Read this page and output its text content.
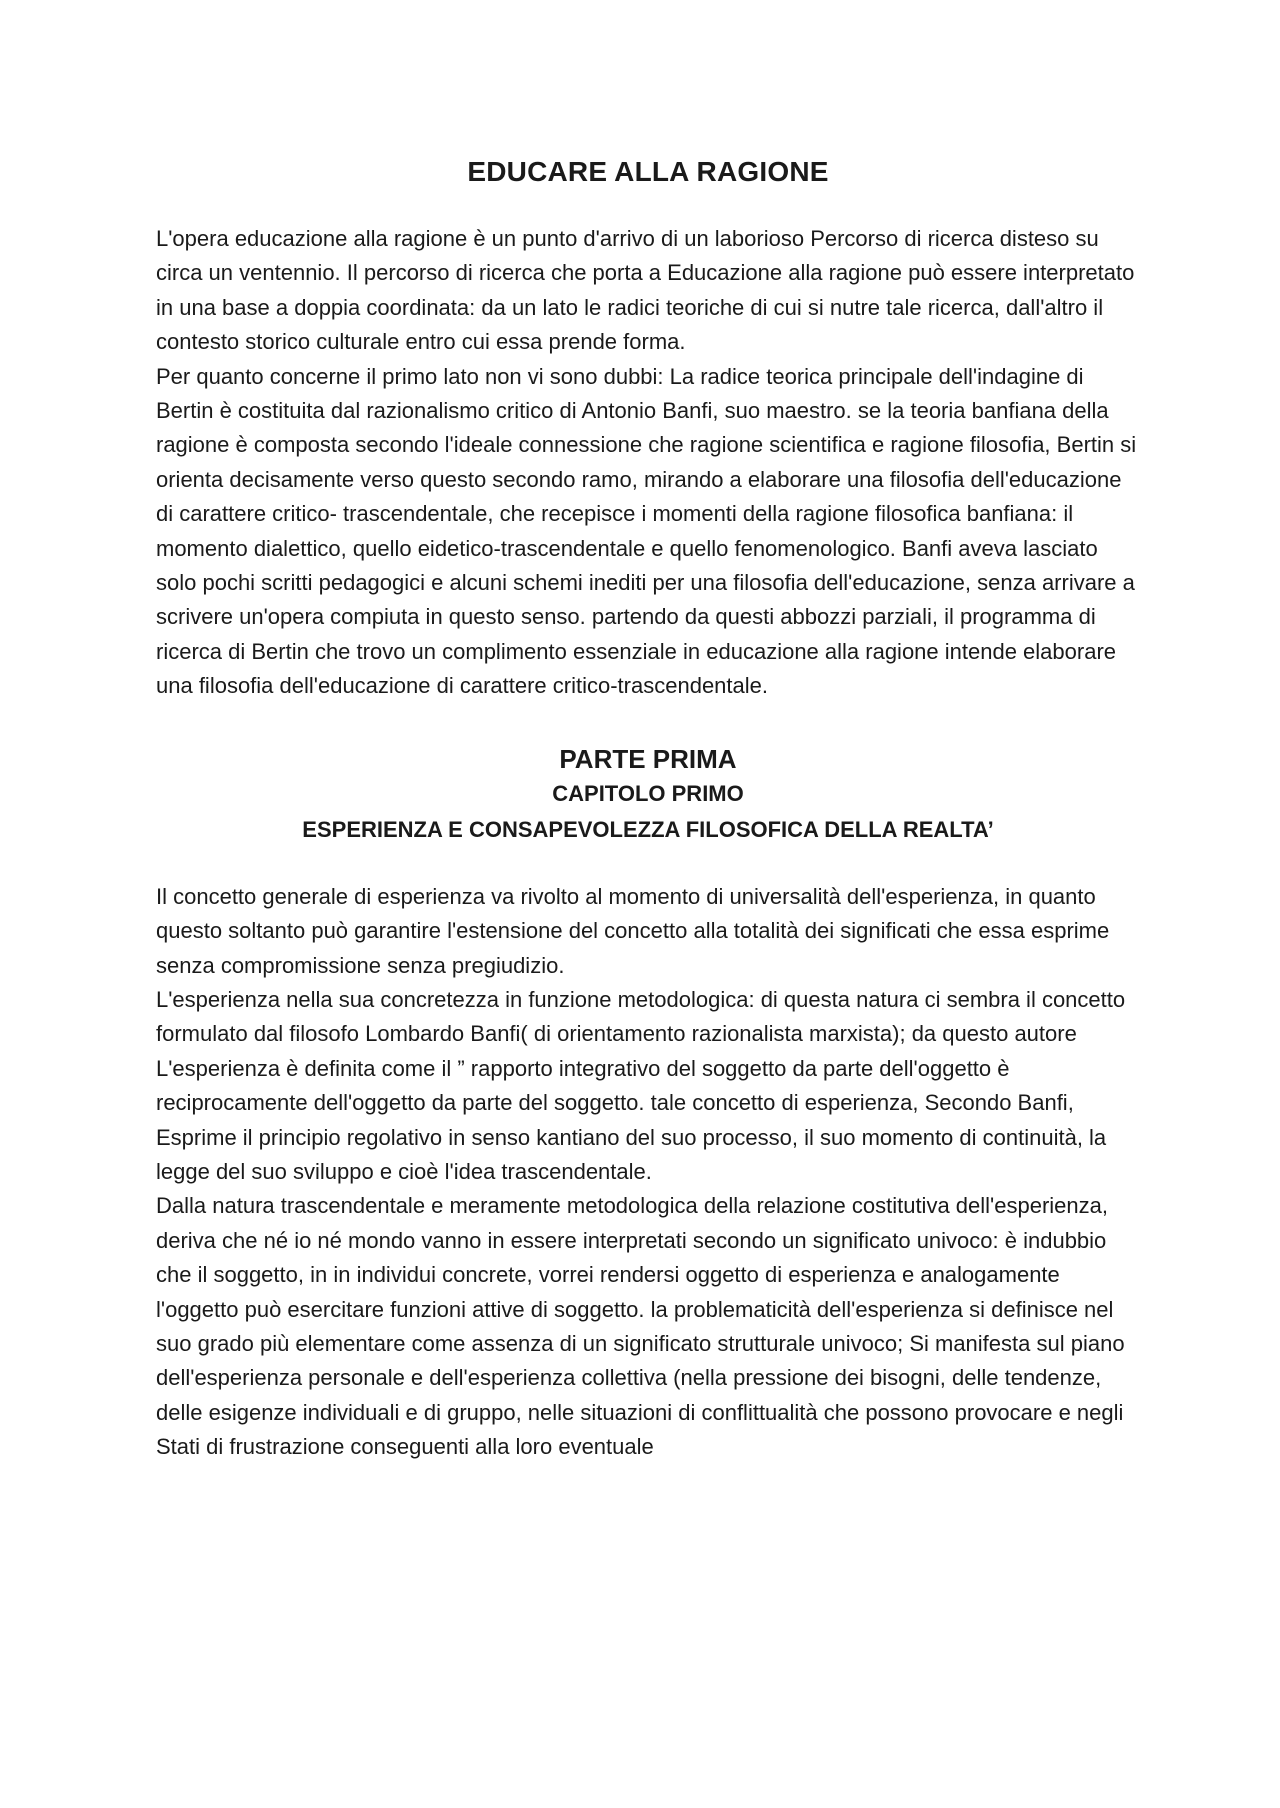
EDUCARE ALLA RAGIONE

L'opera educazione alla ragione è un punto d'arrivo di un laborioso Percorso di ricerca disteso su circa un ventennio. Il percorso di ricerca che porta a Educazione alla ragione può essere interpretato in una base a doppia coordinata: da un lato le radici teoriche di cui si nutre tale ricerca, dall'altro il contesto storico culturale entro cui essa prende forma.

Per quanto concerne il primo lato non vi sono dubbi: La radice teorica principale dell'indagine di Bertin è costituita dal razionalismo critico di Antonio Banfi, suo maestro. se la teoria banfiana della ragione è composta secondo l'ideale connessione che ragione scientifica e ragione filosofia, Bertin si orienta decisamente verso questo secondo ramo, mirando a elaborare una filosofia dell'educazione di carattere critico- trascendentale, che recepisce i momenti della ragione filosofica banfiana: il momento dialettico, quello eidetico-trascendentale e quello fenomenologico. Banfi aveva lasciato solo pochi scritti pedagogici e alcuni schemi inediti per una filosofia dell'educazione, senza arrivare a scrivere un'opera compiuta in questo senso. partendo da questi abbozzi parziali, il programma di ricerca di Bertin che trovo un complimento essenziale in educazione alla ragione intende elaborare una filosofia dell'educazione di carattere critico-trascendentale.

PARTE PRIMA
CAPITOLO PRIMO
ESPERIENZA E CONSAPEVOLEZZA FILOSOFICA DELLA REALTA’

Il concetto generale di esperienza va rivolto al momento di universalità dell'esperienza, in quanto questo soltanto può garantire l'estensione del concetto alla totalità dei significati che essa esprime senza compromissione senza pregiudizio.

L'esperienza nella sua concretezza in funzione metodologica: di questa natura ci sembra il concetto formulato dal filosofo Lombardo Banfi( di orientamento razionalista marxista); da questo autore L'esperienza è definita come il ” rapporto integrativo del soggetto da parte dell'oggetto è reciprocamente dell'oggetto da parte del soggetto. tale concetto di esperienza, Secondo Banfi, Esprime il principio regolativo in senso kantiano del suo processo, il suo momento di continuità, la legge del suo sviluppo e cioè l'idea trascendentale.

Dalla natura trascendentale e meramente metodologica della relazione costitutiva dell'esperienza, deriva che né io né mondo vanno in essere interpretati secondo un significato univoco: è indubbio che il soggetto, in in individui concrete, vorrei rendersi oggetto di esperienza e analogamente l'oggetto può esercitare funzioni attive di soggetto. la problematicità dell'esperienza si definisce nel suo grado più elementare come assenza di un significato strutturale univoco; Si manifesta sul piano dell'esperienza personale e dell'esperienza collettiva (nella pressione dei bisogni, delle tendenze, delle esigenze individuali e di gruppo, nelle situazioni di conflittualità che possono provocare e negli Stati di frustrazione conseguenti alla loro eventuale
